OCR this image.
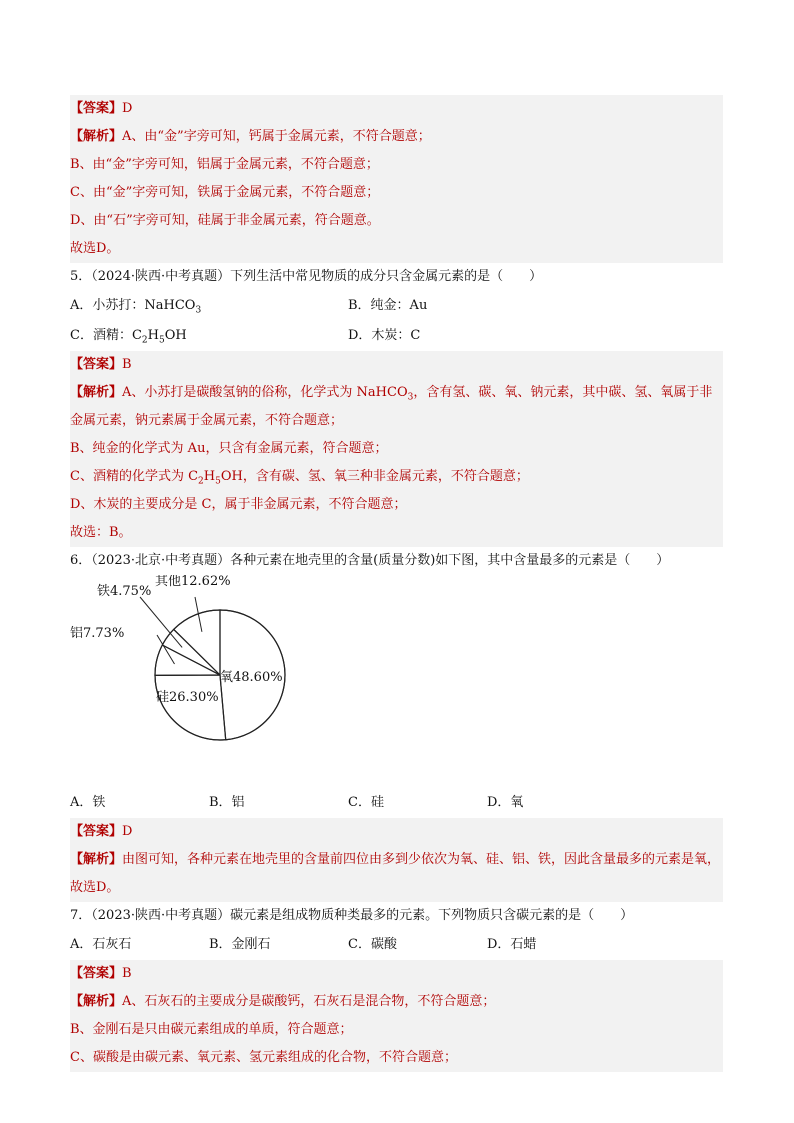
【答案】D
【解析】A、由“金”字旁可知，钙属于金属元素，不符合题意；
B、由“金”字旁可知，铝属于金属元素，不符合题意；
C、由“金”字旁可知，铁属于金属元素，不符合题意；
D、由“石”字旁可知，硅属于非金属元素，符合题意。
故选D。
5．（2024·陕西·中考真题）下列生活中常见物质的成分只含金属元素的是（　　）
A．小苏打：NaHCO$_3$	B．纯金：Au
C．酒精：$C_2H_5OH$	D．木炭：C
【答案】B
【解析】A、小苏打是碳酸氢钠的俗称，化学式为 NaHCO$_3$，含有氢、碳、氧、钠元素，其中碳、氢、氧属于非金属元素，钠元素属于金属元素，不符合题意；
B、纯金的化学式为 Au，只含有金属元素，符合题意；
C、酒精的化学式为 $C_2H_5OH$，含有碳、氢、氧三种非金属元素，不符合题意；
D、木炭的主要成分是 C，属于非金属元素，不符合题意；
故选：B。
6．（2023·北京·中考真题）各种元素在地壳里的含量(质量分数)如下图，其中含量最多的元素是（　　）
氧48.60%
硅26.30%
铝7.73%
铁4.75%
其他12.62%
A．铁	B．铝	C．硅	D．氧
【答案】D
【解析】由图可知，各种元素在地壳里的含量前四位由多到少依次为氧、硅、铝、铁，因此含量最多的元素是氧，故选D。
7．（2023·陕西·中考真题）碳元素是组成物质种类最多的元素。下列物质只含碳元素的是（　　）
A．石灰石	B．金刚石	C．碳酸	D．石蜡
【答案】B
【解析】A、石灰石的主要成分是碳酸钙，石灰石是混合物，不符合题意；
B、金刚石是只由碳元素组成的单质，符合题意；
C、碳酸是由碳元素、氧元素、氢元素组成的化合物，不符合题意；
